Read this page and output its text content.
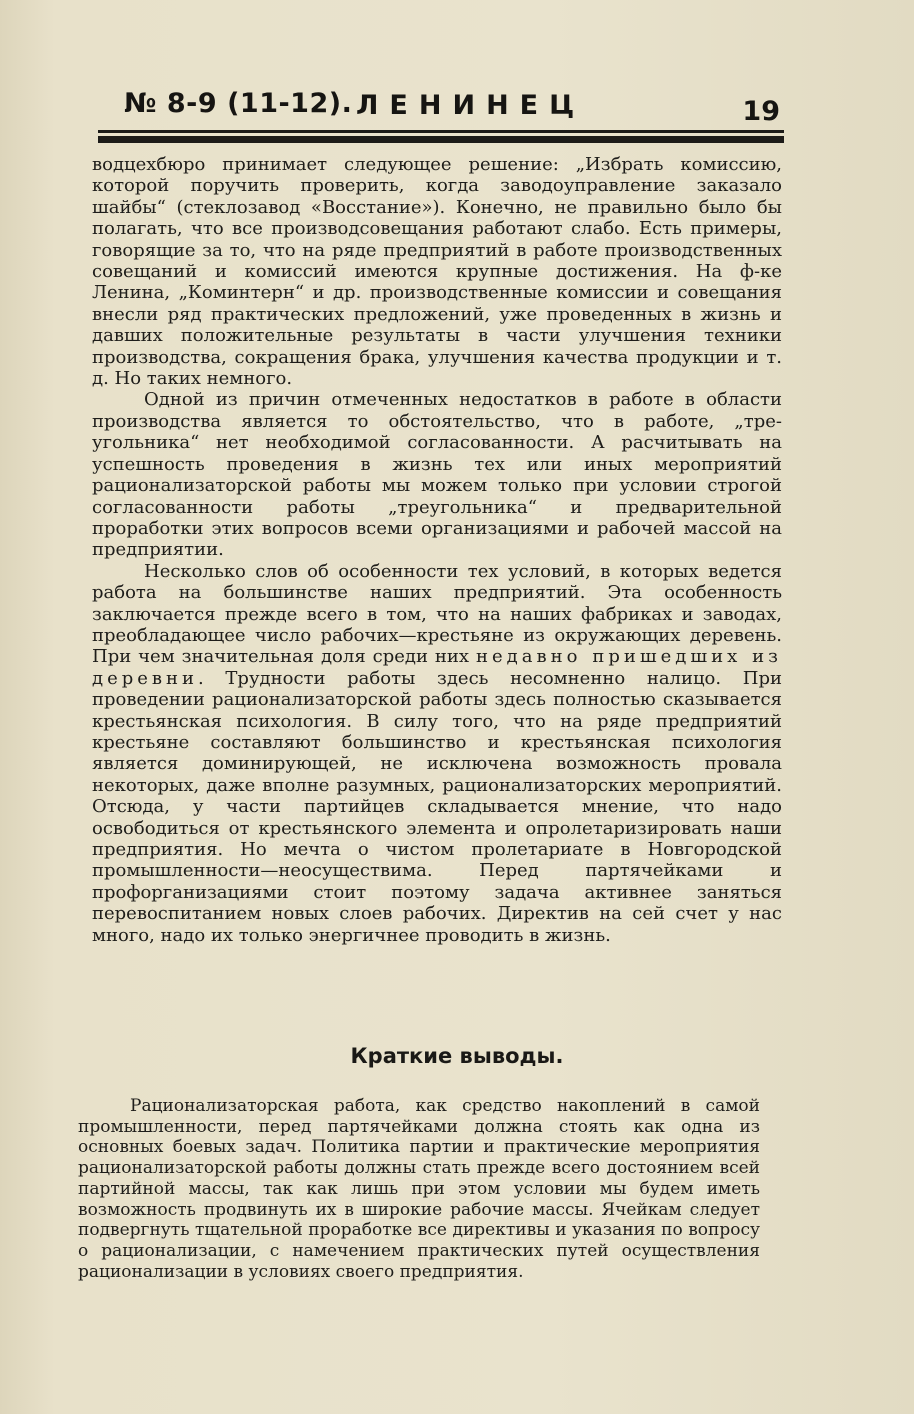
№ 8-9 (11-12). ЛЕНИНЕЦ	19

водцехбюро принимает следующее решение: „Избрать комиссию, которой поручить проверить, когда заводоуправление заказало шайбы“ (стеклозавод «Восстание»). Конечно, не правильно было бы полагать, что все производсовещания работают слабо. Есть примеры, говорящие за то, что на ряде предприятий в работе производственных совещаний и комиссий имеются крупные достижения. На ф-ке Ленина, „Коминтерн“ и др. производственные комиссии и совещания внесли ряд практических предложений, уже проведенных в жизнь и давших положительные результаты в части улучшения техники производства, сокращения брака, улучшения качества продукции и т. д. Но таких немного.

Одной из причин отмеченных недостатков в работе в области производства является то обстоятельство, что в работе, „треугольника“ нет необходимой согласованности. А расчитывать на успешность проведения в жизнь тех или иных мероприятий рационализаторской работы мы можем только при условии строгой согласованности работы „треугольника“ и предварительной проработки этих вопросов всеми организациями и рабочей массой на предприятии.

Несколько слов об особенности тех условий, в которых ведется работа на большинстве наших предприятий. Эта особенность заключается прежде всего в том, что на наших фабриках и заводах, преобладающее число рабочих—крестьяне из окружающих деревень. При чем значительная доля среди них недавно пришедших из деревни. Трудности работы здесь несомненно налицо. При проведении рационализаторской работы здесь полностью сказывается крестьянская психология. В силу того, что на ряде предприятий крестьяне составляют большинство и крестьянская психология является доминирующей, не исключена возможность провала некоторых, даже вполне разумных, рационализаторских мероприятий. Отсюда, у части партийцев складывается мнение, что надо освободиться от крестьянского элемента и опролетаризировать наши предприятия. Но мечта о чистом пролетариате в Новгородской промышленности—неосуществима. Перед партячейками и профорганизациями стоит поэтому задача активнее заняться перевоспитанием новых слоев рабочих. Директив на сей счет у нас много, надо их только энергичнее проводить в жизнь.

Краткие выводы.

Рационализаторская работа, как средство накоплений в самой промышленности, перед партячейками должна стоять как одна из основных боевых задач. Политика партии и практические мероприятия рационализаторской работы должны стать прежде всего достоянием всей партийной массы, так как лишь при этом условии мы будем иметь возможность продвинуть их в широкие рабочие массы. Ячейкам следует подвергнуть тщательной проработке все директивы и указания по вопросу о рационализации, с намечением практических путей осуществления рационализации в условиях своего предприятия.
